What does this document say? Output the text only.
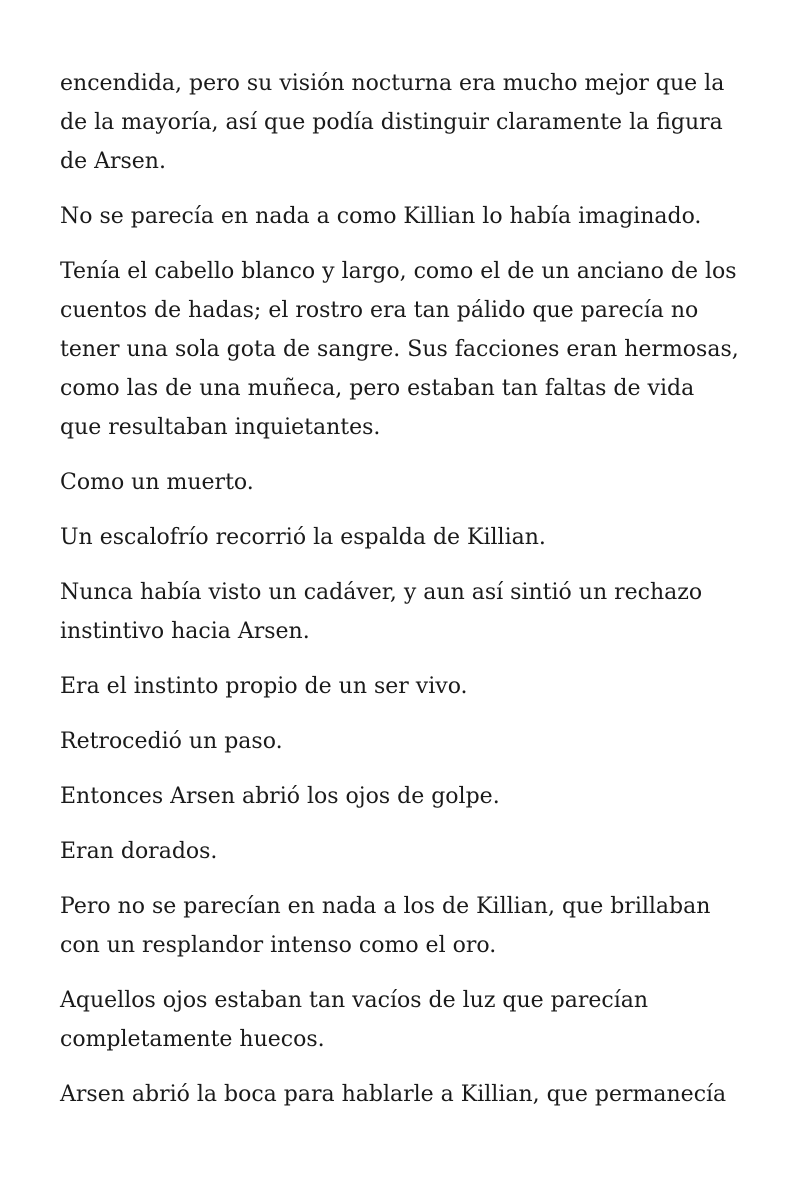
encendida, pero su visión nocturna era mucho mejor que la
de la mayoría, así que podía distinguir claramente la figura
de Arsen.

No se parecía en nada a como Killian lo había imaginado.

Tenía el cabello blanco y largo, como el de un anciano de los
cuentos de hadas; el rostro era tan pálido que parecía no
tener una sola gota de sangre. Sus facciones eran hermosas,
como las de una muñeca, pero estaban tan faltas de vida
que resultaban inquietantes.

Como un muerto.

Un escalofrío recorrió la espalda de Killian.

Nunca había visto un cadáver, y aun así sintió un rechazo
instintivo hacia Arsen.

Era el instinto propio de un ser vivo.

Retrocedió un paso.

Entonces Arsen abrió los ojos de golpe.

Eran dorados.

Pero no se parecían en nada a los de Killian, que brillaban
con un resplandor intenso como el oro.

Aquellos ojos estaban tan vacíos de luz que parecían
completamente huecos.

Arsen abrió la boca para hablarle a Killian, que permanecía
